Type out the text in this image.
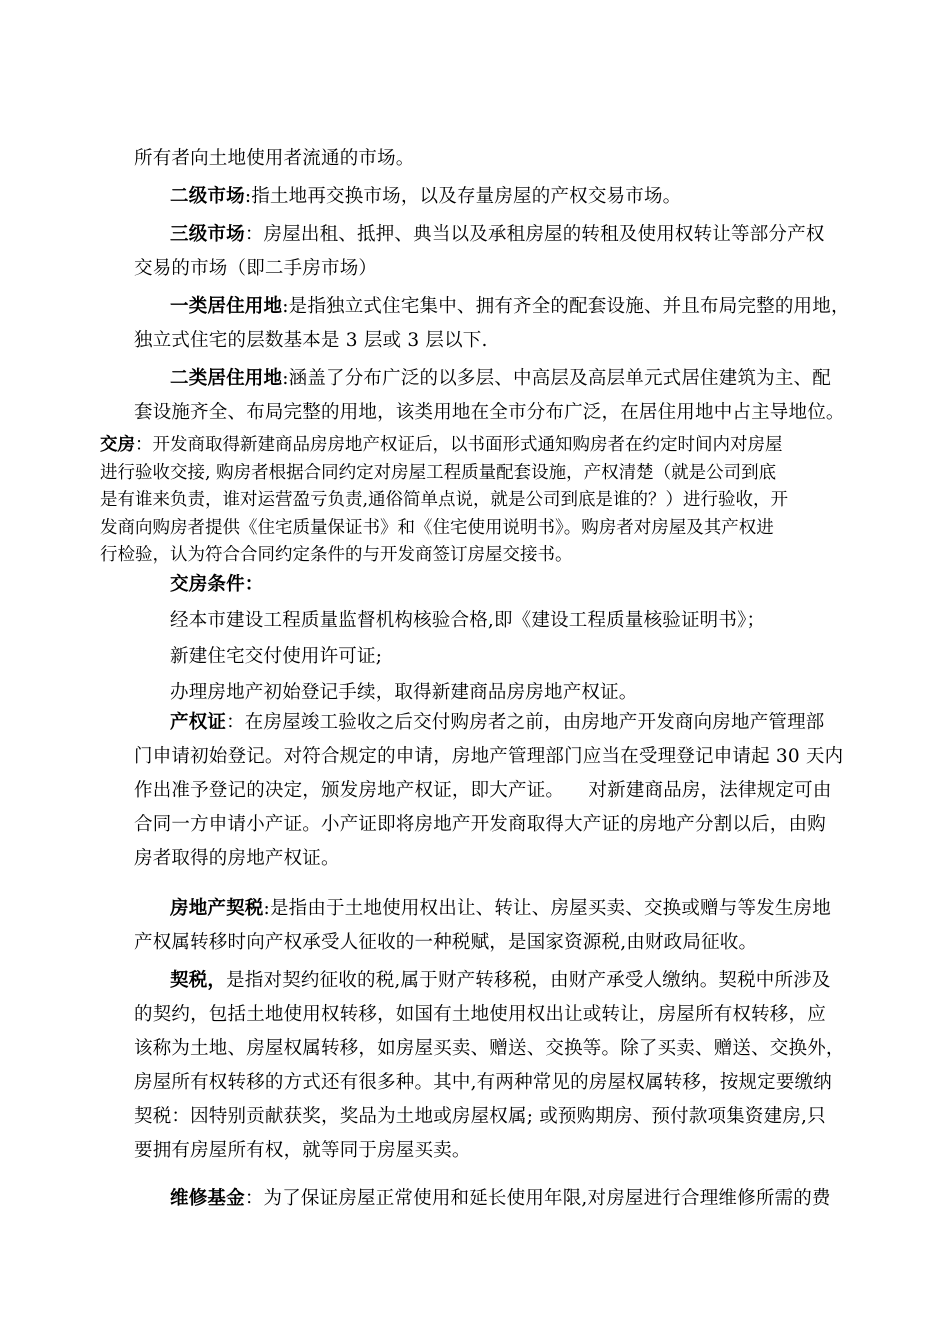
所有者向土地使用者流通的市场。
二级市场:指土地再交换市场，以及存量房屋的产权交易市场。
三级市场：房屋出租、抵押、典当以及承租房屋的转租及使用权转让等部分产权
交易的市场（即二手房市场）
一类居住用地:是指独立式住宅集中、拥有齐全的配套设施、并且布局完整的用地，
独立式住宅的层数基本是 3 层或 3 层以下.
二类居住用地:涵盖了分布广泛的以多层、中高层及高层单元式居住建筑为主、配
套设施齐全、布局完整的用地，该类用地在全市分布广泛，在居住用地中占主导地位。
交房：开发商取得新建商品房房地产权证后，以书面形式通知购房者在约定时间内对房屋
进行验收交接, 购房者根据合同约定对房屋工程质量配套设施，产权清楚（就是公司到底
是有谁来负责，谁对运营盈亏负责,通俗简单点说，就是公司到底是谁的？）进行验收，开
发商向购房者提供《住宅质量保证书》和《住宅使用说明书》。购房者对房屋及其产权进
行检验，认为符合合同约定条件的与开发商签订房屋交接书。
交房条件：
经本市建设工程质量监督机构核验合格,即《建设工程质量核验证明书》；
新建住宅交付使用许可证;
办理房地产初始登记手续，取得新建商品房房地产权证。
产权证：在房屋竣工验收之后交付购房者之前，由房地产开发商向房地产管理部
门申请初始登记。对符合规定的申请，房地产管理部门应当在受理登记申请起 30 天内
作出准予登记的决定，颁发房地产权证，即大产证。    对新建商品房，法律规定可由
合同一方申请小产证。小产证即将房地产开发商取得大产证的房地产分割以后，由购
房者取得的房地产权证。
房地产契税:是指由于土地使用权出让、转让、房屋买卖、交换或赠与等发生房地
产权属转移时向产权承受人征收的一种税赋，是国家资源税,由财政局征收。
契税，是指对契约征收的税,属于财产转移税，由财产承受人缴纳。契税中所涉及
的契约，包括土地使用权转移，如国有土地使用权出让或转让，房屋所有权转移，应
该称为土地、房屋权属转移，如房屋买卖、赠送、交换等。除了买卖、赠送、交换外，
房屋所有权转移的方式还有很多种。其中,有两种常见的房屋权属转移，按规定要缴纳
契税：因特别贡献获奖，奖品为土地或房屋权属; 或预购期房、预付款项集资建房,只
要拥有房屋所有权，就等同于房屋买卖。
维修基金：为了保证房屋正常使用和延长使用年限,对房屋进行合理维修所需的费
